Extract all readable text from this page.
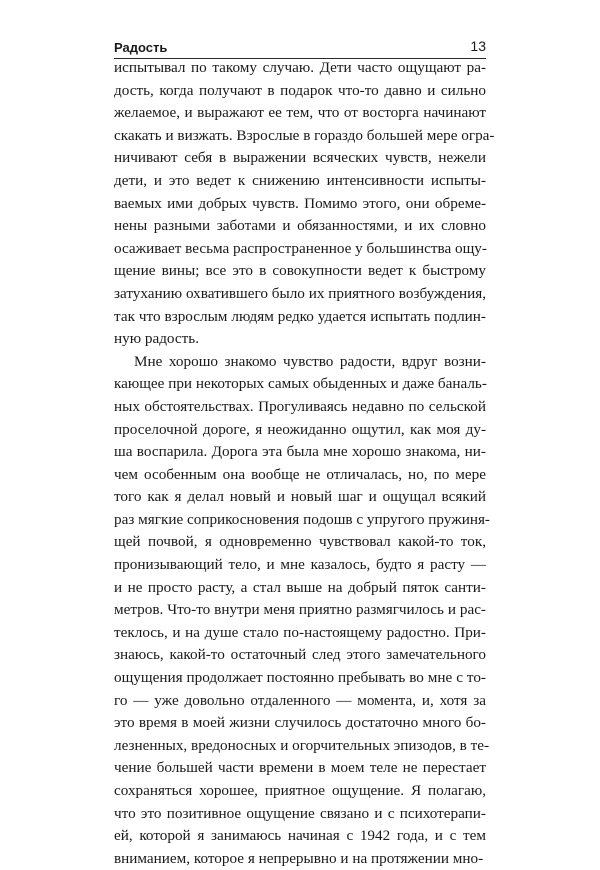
Радость	13
испытывал по такому случаю. Дети часто ощущают ра-
дость, когда получают в подарок что-то давно и сильно
желаемое, и выражают ее тем, что от восторга начинают
скакать и визжать. Взрослые в гораздо большей мере огра-
ничивают себя в выражении всяческих чувств, нежели
дети, и это ведет к снижению интенсивности испыты-
ваемых ими добрых чувств. Помимо этого, они обреме-
нены разными заботами и обязанностями, и их словно
осаживает весьма распространенное у большинства ощу-
щение вины; все это в совокупности ведет к быстрому
затуханию охватившего было их приятного возбуждения,
так что взрослым людям редко удается испытать подлин-
ную радость.
Мне хорошо знакомо чувство радости, вдруг возни-
кающее при некоторых самых обыденных и даже баналь-
ных обстоятельствах. Прогуливаясь недавно по сельской
проселочной дороге, я неожиданно ощутил, как моя ду-
ша воспарила. Дорога эта была мне хорошо знакома, ни-
чем особенным она вообще не отличалась, но, по мере
того как я делал новый и новый шаг и ощущал всякий
раз мягкие соприкосновения подошв с упругого пружиня-
щей почвой, я одновременно чувствовал какой-то ток,
пронизывающий тело, и мне казалось, будто я расту —
и не просто расту, а стал выше на добрый пяток санти-
метров. Что-то внутри меня приятно размягчилось и рас-
теклось, и на душе стало по-настоящему радостно. При-
знаюсь, какой-то остаточный след этого замечательного
ощущения продолжает постоянно пребывать во мне с то-
го — уже довольно отдаленного — момента, и, хотя за
это время в моей жизни случилось достаточно много бо-
лезненных, вредоносных и огорчительных эпизодов, в те-
чение большей части времени в моем теле не перестает
сохраняться хорошее, приятное ощущение. Я полагаю,
что это позитивное ощущение связано и с психотерапи-
ей, которой я занимаюсь начиная с 1942 года, и с тем
вниманием, которое я непрерывно и на протяжении мно-
